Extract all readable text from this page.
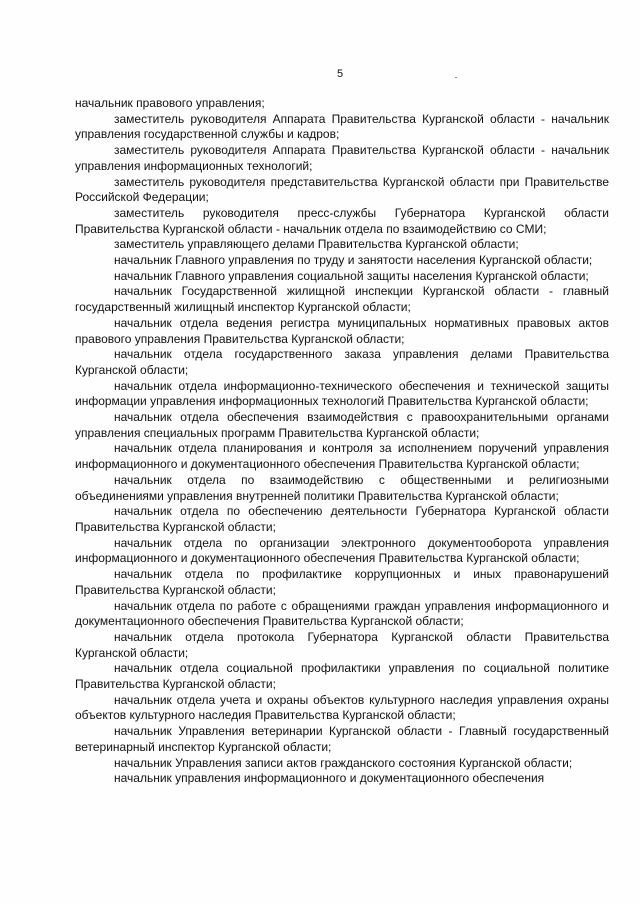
5

начальник правового управления;

заместитель руководителя Аппарата Правительства Курганской области - начальник управления государственной службы и кадров;

заместитель руководителя Аппарата Правительства Курганской области - начальник управления информационных технологий;

заместитель руководителя представительства Курганской области при Правительстве Российской Федерации;

заместитель руководителя пресс-службы Губернатора Курганской области Правительства Курганской области - начальник отдела по взаимодействию со СМИ;

заместитель управляющего делами Правительства Курганской области;

начальник Главного управления по труду и занятости населения Курганской области;

начальник Главного управления социальной защиты населения Курганской области;

начальник Государственной жилищной инспекции Курганской области - главный государственный жилищный инспектор Курганской области;

начальник отдела ведения регистра муниципальных нормативных правовых актов правового управления Правительства Курганской области;

начальник отдела государственного заказа управления делами Правительства Курганской области;

начальник отдела информационно-технического обеспечения и технической защиты информации управления информационных технологий Правительства Курганской области;

начальник отдела обеспечения взаимодействия с правоохранительными органами управления специальных программ Правительства Курганской области;

начальник отдела планирования и контроля за исполнением поручений управления информационного и документационного обеспечения Правительства Курганской области;

начальник отдела по взаимодействию с общественными и религиозными объединениями управления внутренней политики Правительства Курганской области;

начальник отдела по обеспечению деятельности Губернатора Курганской области Правительства Курганской области;

начальник отдела по организации электронного документооборота управления информационного и документационного обеспечения Правительства Курганской области;

начальник отдела по профилактике коррупционных и иных правонарушений Правительства Курганской области;

начальник отдела по работе с обращениями граждан управления информационного и документационного обеспечения Правительства Курганской области;

начальник отдела протокола Губернатора Курганской области Правительства Курганской области;

начальник отдела социальной профилактики управления по социальной политике Правительства Курганской области;

начальник отдела учета и охраны объектов культурного наследия управления охраны объектов культурного наследия Правительства Курганской области;

начальник Управления ветеринарии Курганской области - Главный государственный ветеринарный инспектор Курганской области;

начальник Управления записи актов гражданского состояния Курганской области;

начальник управления информационного и документационного обеспечения
